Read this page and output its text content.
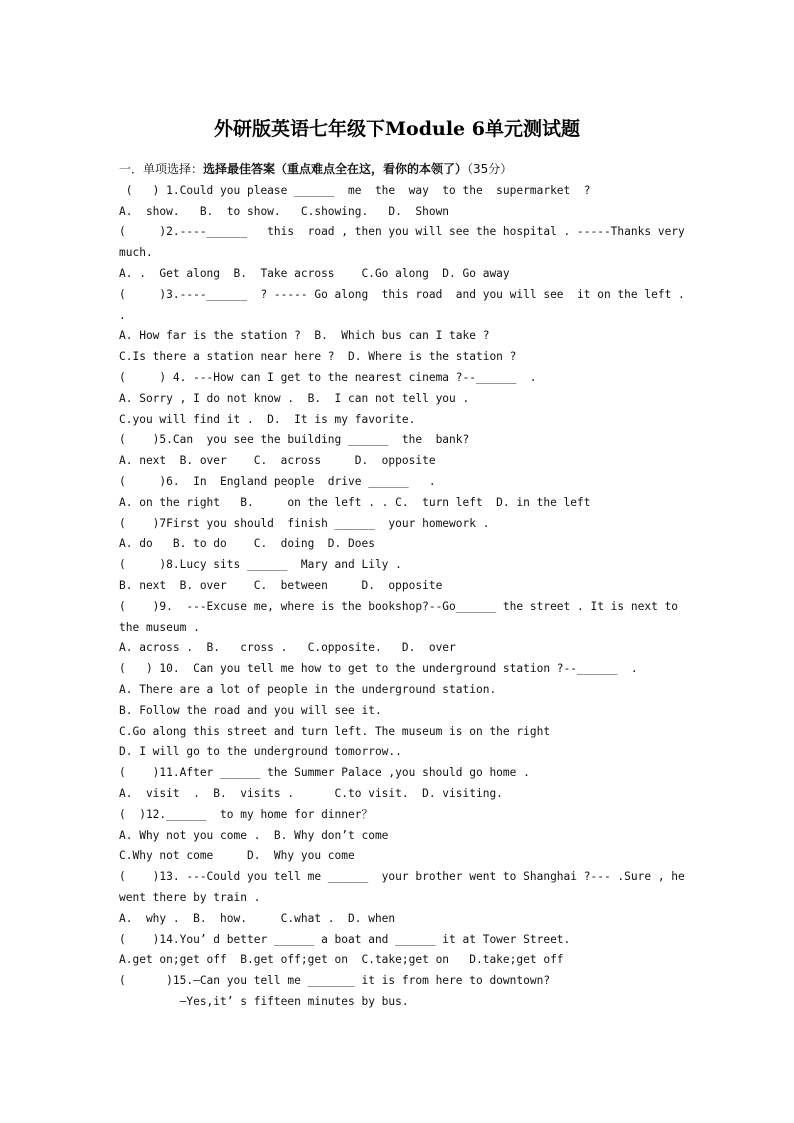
外研版英语七年级下Module 6单元测试题
一．单项选择：选择最佳答案（重点难点全在这，看你的本领了）（35分）
(   ) 1.Could you please ______  me  the  way  to the  supermarket  ?
A.  show.   B.  to show.   C.showing.   D.  Shown
(     )2.----______   this  road , then you will see the hospital . -----Thanks very
much.
A. .  Get along  B.  Take across    C.Go along  D. Go away
(     )3.----______  ? ----- Go along  this road  and you will see  it on the left .
.
A. How far is the station ?  B.  Which bus can I take ?
C.Is there a station near here ?  D. Where is the station ?
(     ) 4. ---How can I get to the nearest cinema ?--______  .
A. Sorry , I do not know .  B.  I can not tell you .
C.you will find it .  D.  It is my favorite.
(    )5.Can  you see the building ______  the  bank?
A. next  B. over    C.  across     D.  opposite
(     )6.  In  England people  drive ______   .
A. on the right   B.     on the left . . C.  turn left  D. in the left
(    )7First you should  finish ______  your homework .
A. do   B. to do    C.  doing  D. Does
(     )8.Lucy sits ______  Mary and Lily .
B. next  B. over    C.  between     D.  opposite
(    )9.  ---Excuse me, where is the bookshop?--Go______ the street . It is next to
the museum .
A. across .  B.   cross .   C.opposite.   D.  over
(   ) 10.  Can you tell me how to get to the underground station ?--______  .
A. There are a lot of people in the underground station.
B. Follow the road and you will see it.
C.Go along this street and turn left. The museum is on the right
D. I will go to the underground tomorrow..
(    )11.After ______ the Summer Palace ,you should go home .
A.  visit  .  B.  visits .      C.to visit.  D. visiting.
(  )12.______  to my home for dinner？
A. Why not you come .  B. Why don’t come
C.Why not come     D.  Why you come
(    )13. ---Could you tell me ______  your brother went to Shanghai ?--- .Sure , he
went there by train .
A.  why .  B.  how.     C.what .  D. when
(    )14.You’ d better ______ a boat and ______ it at Tower Street.
A.get on;get off  B.get off;get on  C.take;get on   D.take;get off
(      )15.—Can you tell me _______ it is from here to downtown?
—Yes,it’ s fifteen minutes by bus.
